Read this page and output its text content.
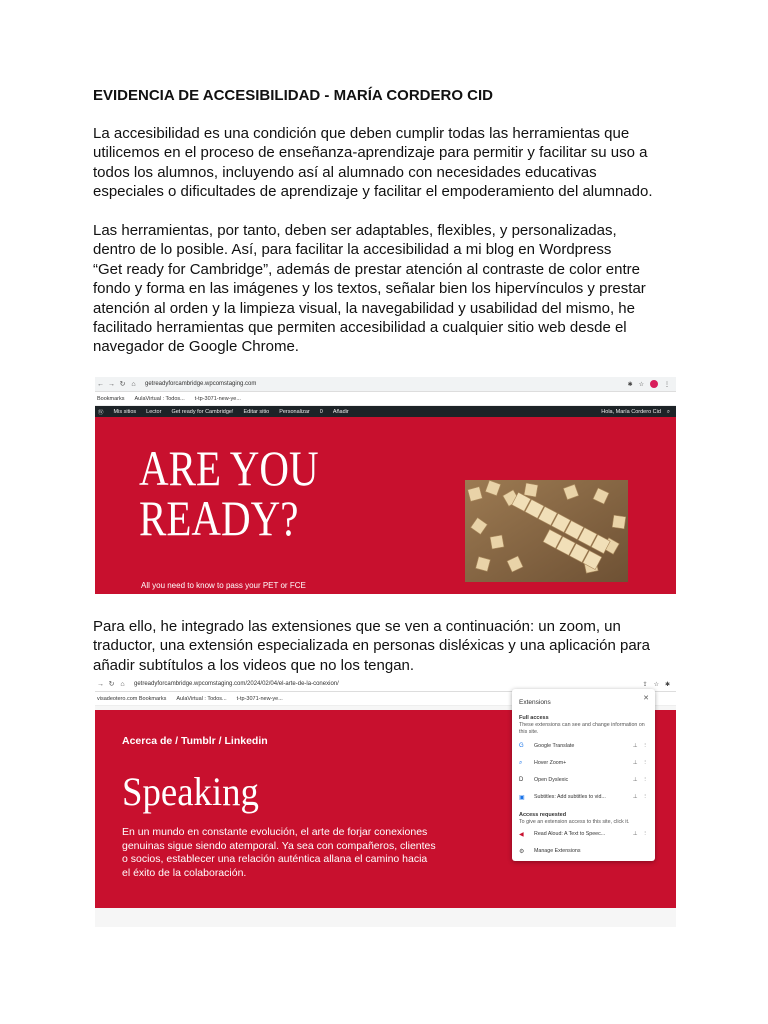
EVIDENCIA DE ACCESIBILIDAD - MARÍA CORDERO CID
La accesibilidad es una condición que deben cumplir todas las herramientas que
utilicemos en el proceso de enseñanza-aprendizaje para permitir y facilitar su uso a
todos los alumnos, incluyendo así al alumnado con necesidades educativas
especiales o dificultades de aprendizaje y facilitar el empoderamiento del alumnado.
Las herramientas, por tanto, deben ser adaptables, flexibles, y personalizadas,
dentro de lo posible. Así, para facilitar la accesibilidad a mi blog en Wordpress
“Get ready for Cambridge”, además de prestar atención al contraste de color entre
fondo y forma en las imágenes y los textos, señalar bien los hipervínculos y prestar
atención al orden y la limpieza visual, la navegabilidad y usabilidad del mismo, he
facilitado herramientas que permiten accesibilidad a cualquier sitio web desde el
navegador de Google Chrome.
← → ↻ ⌂	getreadyforcambridge.wpcomstaging.com	✱ ☆	⋮
Bookmarks AulaVirtual : Todos... t-tp-3071-new-ye...
Ⓦ Mis sitios Lector Get ready for Cambridge! Editar sitio Personalizar 0 Añadir	Hola, María Cordero Cid ⌕
ARE YOU
READY?

All you need to know to pass your PET or FCE

Para ello, he integrado las extensiones que se ven a continuación: un zoom, un
traductor, una extensión especializada en personas disléxicas y una aplicación para
añadir subtítulos a los videos que no los tengan.
→ ↻ ⌂	getreadyforcambridge.wpcomstaging.com/2024/02/04/el-arte-de-la-conexion/	⇪ ☆ ✱
visadeotero.com Bookmarks AulaVirtual : Todos... t-tp-3071-new-ye...

Acerca de / Tumblr / Linkedin

Speaking

En un mundo en constante evolución, el arte de forjar conexiones
genuinas sigue siendo atemporal. Ya sea con compañeros, clientes
o socios, establecer una relación auténtica allana el camino hacia
el éxito de la colaboración.
Extensions
✕
Full access
These extensions can see and change information on this site.
G	Google Translate	⊥ ⋮
⌕	Hover Zoom+	⊥ ⋮
D	Open Dyslexic	⊥ ⋮
▣	Subtitles: Add subtitles to vid...	⊥ ⋮
Access requested
To give an extension access to this site, click it.
◀	Read Aloud: A Text to Speec...	⊥ ⋮
⚙	Manage Extensions
